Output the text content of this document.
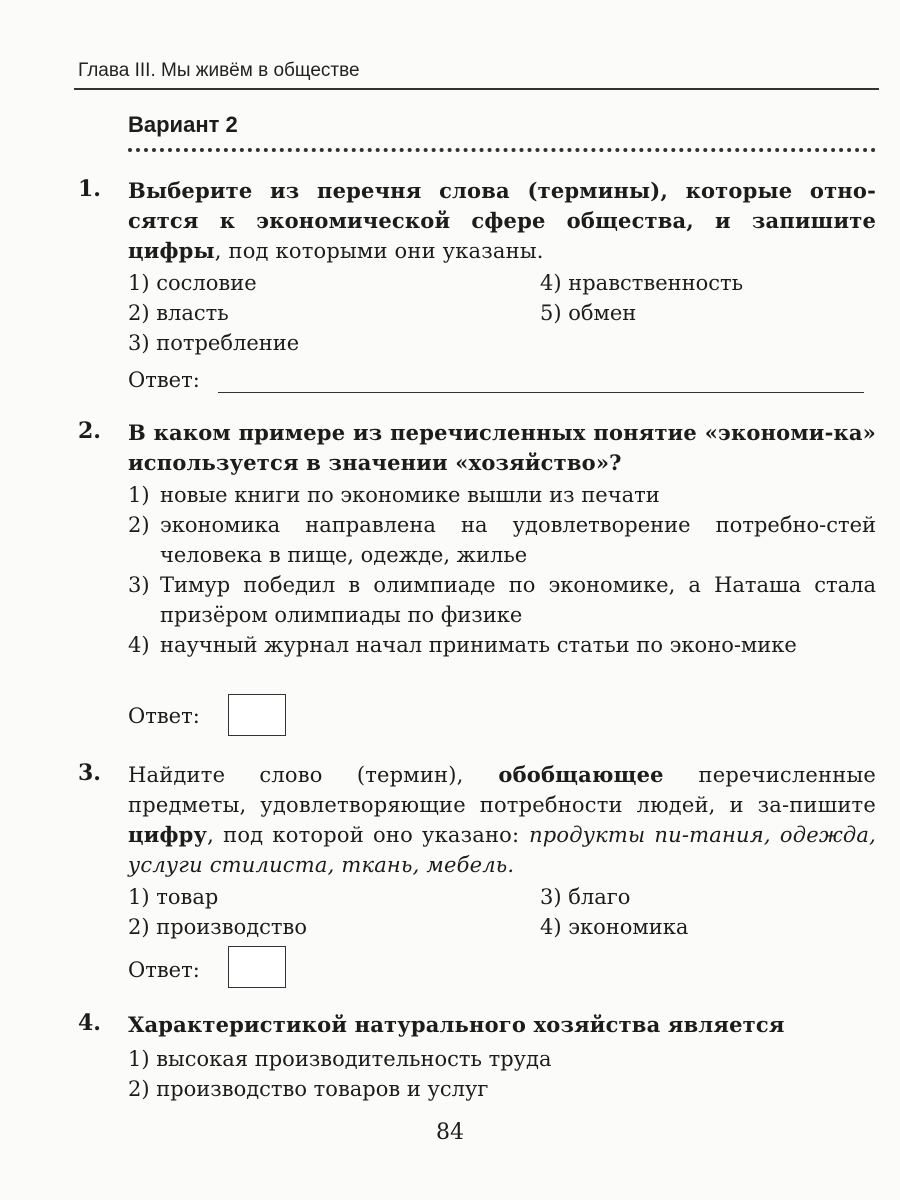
Глава III. Мы живём в обществе
Вариант 2
1. Выберите из перечня слова (термины), которые отно-сятся к экономической сфере общества, и запишите цифры, под которыми они указаны.
1) сословие
2) власть
3) потребление
4) нравственность
5) обмен
Ответ:
2. В каком примере из перечисленных понятие «экономи-ка» используется в значении «хозяйство»?
1) новые книги по экономике вышли из печати
2) экономика направлена на удовлетворение потребно-стей человека в пище, одежде, жилье
3) Тимур победил в олимпиаде по экономике, а Наташа стала призёром олимпиады по физике
4) научный журнал начал принимать статьи по эконо-мике
Ответ:
3. Найдите слово (термин), обобщающее перечисленные предметы, удовлетворяющие потребности людей, и за-пишите цифру, под которой оно указано: продукты пи-тания, одежда, услуги стилиста, ткань, мебель.
1) товар
2) производство
3) благо
4) экономика
Ответ:
4. Характеристикой натурального хозяйства является
1) высокая производительность труда
2) производство товаров и услуг
84
